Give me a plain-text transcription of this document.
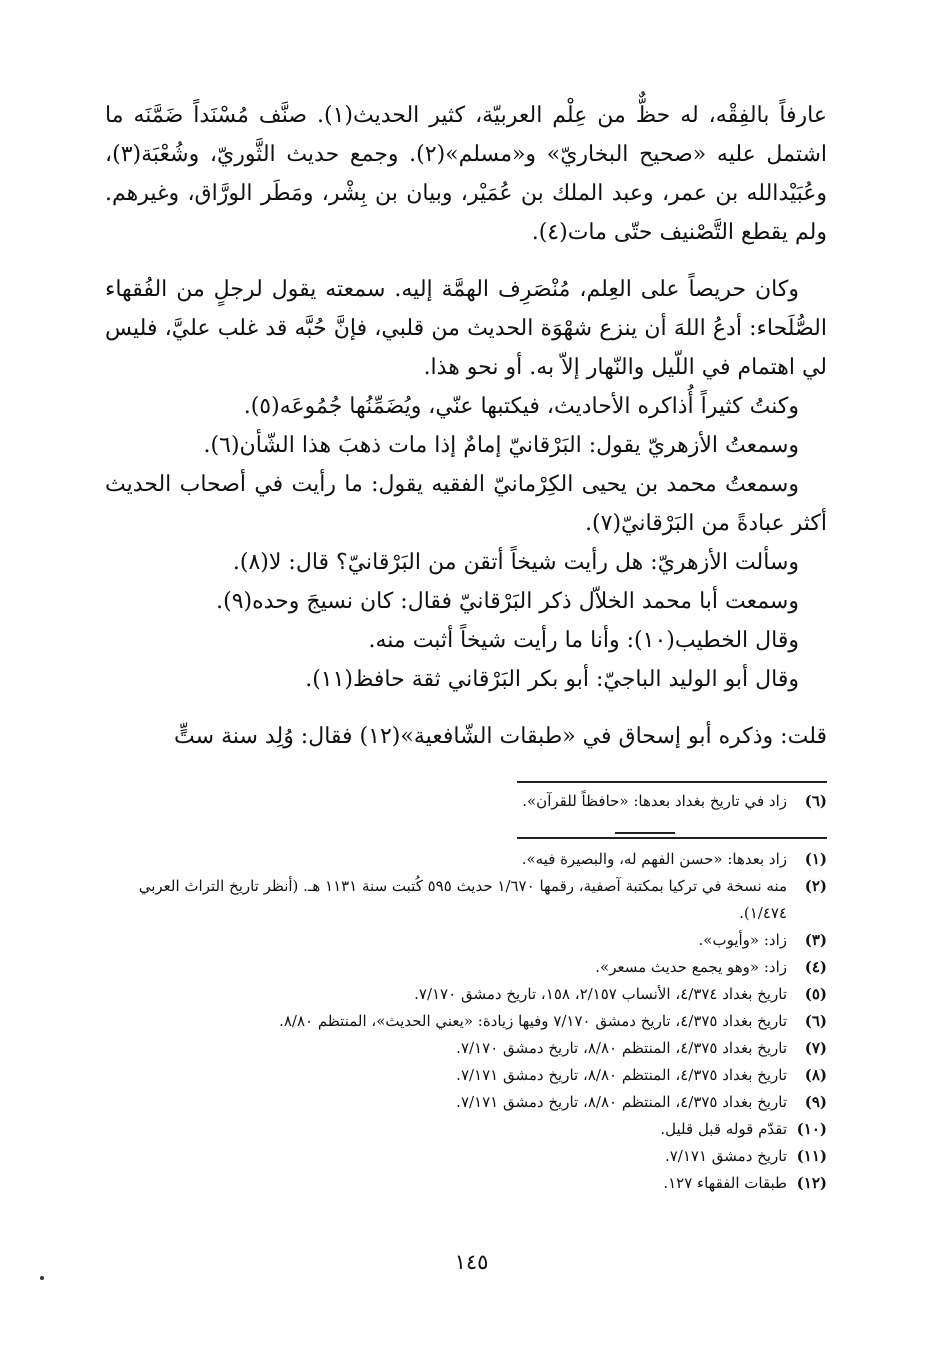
عارفاً بالفِقْه، له حظٌّ من عِلْم العربيّة، كثير الحديث(١). صنَّف مُسْنَداً ضَمَّنَه ما اشتمل عليه «صحيح البخاريّ» و«مسلم»(٢). وجمع حديث الثَّوريّ، وشُعْبَة(٣)، وعُبَيْدالله بن عمر، وعبد الملك بن عُمَيْر، وبيان بن بِشْر، ومَطَر الورَّاق، وغيرهم. ولم يقطع التَّصْنيف حتّى مات(٤).

وكان حريصاً على العِلم، مُنْصَرِف الهمَّة إليه. سمعته يقول لرجلٍ من الفُقهاء الصُّلَحاء: أدعُ اللهَ أن ينزع شهْوَة الحديث من قلبي، فإنَّ حُبَّه قد غلب عليَّ، فليس لي اهتمام في اللّيل والنّهار إلاّ به. أو نحو هذا.

وكنتُ كثيراً أُذاكره الأحاديث، فيكتبها عنّي، ويُضَمِّنُها جُمُوعَه(٥).

وسمعتُ الأزهريّ يقول: البَرْقانيّ إمامٌ إذا مات ذهبَ هذا الشّأن(٦).

وسمعتُ محمد بن يحيى الكِرْمانيّ الفقيه يقول: ما رأيت في أصحاب الحديث أكثر عبادةً من البَرْقانيّ(٧).

وسألت الأزهريّ: هل رأيت شيخاً أتقن من البَرْقانيّ؟ قال: لا(٨).

وسمعت أبا محمد الخلاّل ذكر البَرْقانيّ فقال: كان نسيجَ وحده(٩).

وقال الخطيب(١٠): وأنا ما رأيت شيخاً أثبت منه.

وقال أبو الوليد الباجيّ: أبو بكر البَرْقاني ثقة حافظ(١١).

قلت: وذكره أبو إسحاق في «طبقات الشّافعية»(١٢) فقال: وُلِد سنة ستٍّ

(٦)
زاد في تاريخ بغداد بعدها: «حافظاً للقرآن».
(١)
زاد بعدها: «حسن الفهم له، والبصيرة فيه».
(٢)
منه نسخة في تركيا بمكتبة آصفية، رقمها ١/٦٧٠ حديث ٥٩٥ كُتبت سنة ١١٣١ هـ. (أنظر تاريخ التراث العربي ١/٤٧٤).
(٣)
زاد: «وأيوب».
(٤)
زاد: «وهو يجمع حديث مسعر».
(٥)
تاريخ بغداد ٤/٣٧٤، الأنساب ٢/١٥٧، ١٥٨، تاريخ دمشق ٧/١٧٠.
(٦)
تاريخ بغداد ٤/٣٧٥، تاريخ دمشق ٧/١٧٠ وفيها زيادة: «يعني الحديث»، المنتظم ٨/٨٠.
(٧)
تاريخ بغداد ٤/٣٧٥، المنتظم ٨/٨٠، تاريخ دمشق ٧/١٧٠.
(٨)
تاريخ بغداد ٤/٣٧٥، المنتظم ٨/٨٠، تاريخ دمشق ٧/١٧١.
(٩)
تاريخ بغداد ٤/٣٧٥، المنتظم ٨/٨٠، تاريخ دمشق ٧/١٧١.
(١٠)
تقدّم قوله قبل قليل.
(١١)
تاريخ دمشق ٧/١٧١.
(١٢)
طبقات الفقهاء ١٢٧.
١٤٥
